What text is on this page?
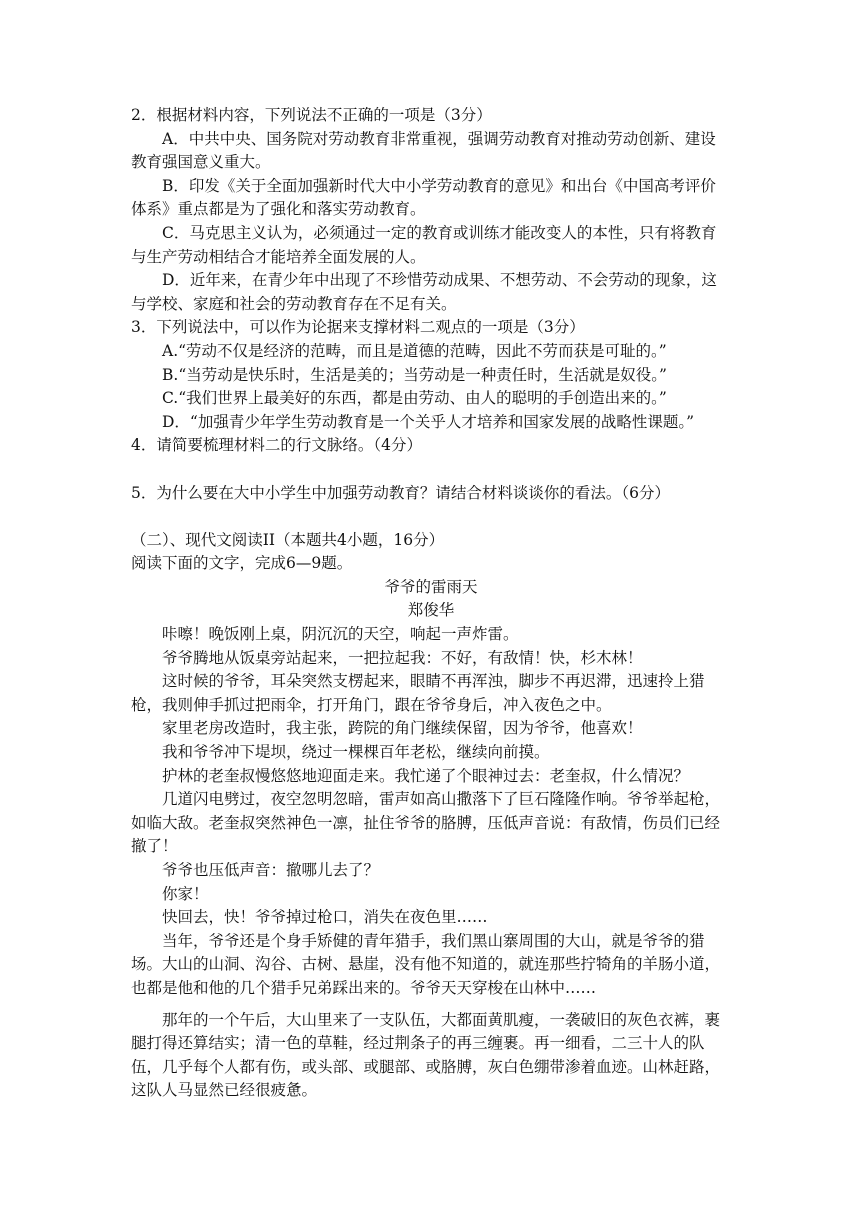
2．根据材料内容，下列说法不正确的一项是（3分）

A．中共中央、国务院对劳动教育非常重视，强调劳动教育对推动劳动创新、建设教育强国意义重大。

B．印发《关于全面加强新时代大中小学劳动教育的意见》和出台《中国高考评价体系》重点都是为了强化和落实劳动教育。

C．马克思主义认为，必须通过一定的教育或训练才能改变人的本性，只有将教育与生产劳动相结合才能培养全面发展的人。

D．近年来，在青少年中出现了不珍惜劳动成果、不想劳动、不会劳动的现象，这与学校、家庭和社会的劳动教育存在不足有关。

3．下列说法中，可以作为论据来支撑材料二观点的一项是（3分）

A.“劳动不仅是经济的范畴，而且是道德的范畴，因此不劳而获是可耻的。”

B.“当劳动是快乐时，生活是美的；当劳动是一种责任时，生活就是奴役。”

C.“我们世界上最美好的东西，都是由劳动、由人的聪明的手创造出来的。”

D．“加强青少年学生劳动教育是一个关乎人才培养和国家发展的战略性课题。”

4．请简要梳理材料二的行文脉络。（4分）

5．为什么要在大中小学生中加强劳动教育？请结合材料谈谈你的看法。（6分）

（二）、现代文阅读II（本题共4小题，16分）

阅读下面的文字，完成6—9题。

爷爷的雷雨天

郑俊华

咔嚓！晚饭刚上桌，阴沉沉的天空，响起一声炸雷。

爷爷腾地从饭桌旁站起来，一把拉起我：不好，有敌情！快，杉木林！

这时候的爷爷，耳朵突然支楞起来，眼睛不再浑浊，脚步不再迟滞，迅速拎上猎枪，我则伸手抓过把雨伞，打开角门，跟在爷爷身后，冲入夜色之中。

家里老房改造时，我主张，跨院的角门继续保留，因为爷爷，他喜欢！

我和爷爷冲下堤坝，绕过一棵棵百年老松，继续向前摸。

护林的老奎叔慢悠悠地迎面走来。我忙递了个眼神过去：老奎叔，什么情况？

几道闪电劈过，夜空忽明忽暗，雷声如高山撒落下了巨石隆隆作响。爷爷举起枪，如临大敌。老奎叔突然神色一凛，扯住爷爷的胳膊，压低声音说：有敌情，伤员们已经撤了！

爷爷也压低声音：撤哪儿去了？

你家！

快回去，快！爷爷掉过枪口，消失在夜色里……

当年，爷爷还是个身手矫健的青年猎手，我们黑山寨周围的大山，就是爷爷的猎场。大山的山洞、沟谷、古树、悬崖，没有他不知道的，就连那些拧犄角的羊肠小道，也都是他和他的几个猎手兄弟踩出来的。爷爷天天穿梭在山林中……

那年的一个午后，大山里来了一支队伍，大都面黄肌瘦，一袭破旧的灰色衣裤，裹腿打得还算结实；清一色的草鞋，经过荆条子的再三缠裹。再一细看，二三十人的队伍，几乎每个人都有伤，或头部、或腿部、或胳膊，灰白色绷带渗着血迹。山林赶路，这队人马显然已经很疲惫。
